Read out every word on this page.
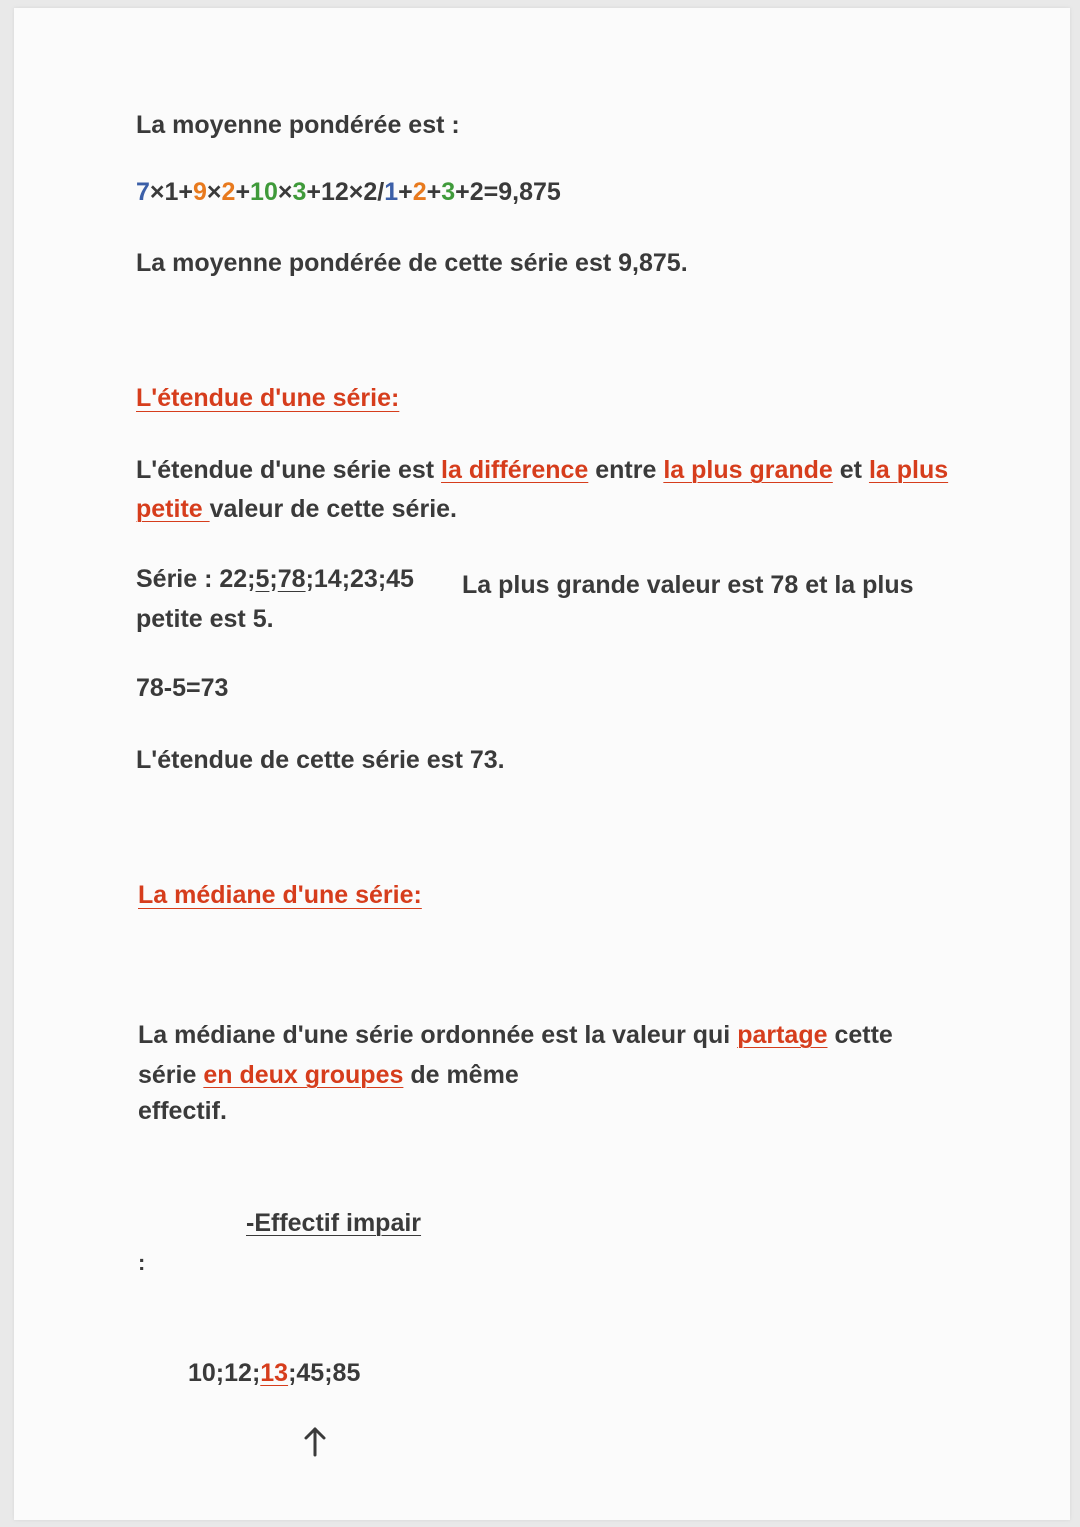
La moyenne pondérée est :

7×1+9×2+10×3+12×2/1+2+3+2=9,875

La moyenne pondérée de cette série est 9,875.

L'étendue d'une série:

L'étendue d'une série est la différence entre la plus grande et la plus

petite valeur de cette série.

Série : 22;5;78;14;23;45 La plus grande valeur est 78 et la plus

petite est 5.

78-5=73

L'étendue de cette série est 73.

La médiane d'une série:

La médiane d'une série ordonnée est la valeur qui partage cette

série en deux groupes de même

effectif.

-Effectif impair

:

10;12;13;45;85
